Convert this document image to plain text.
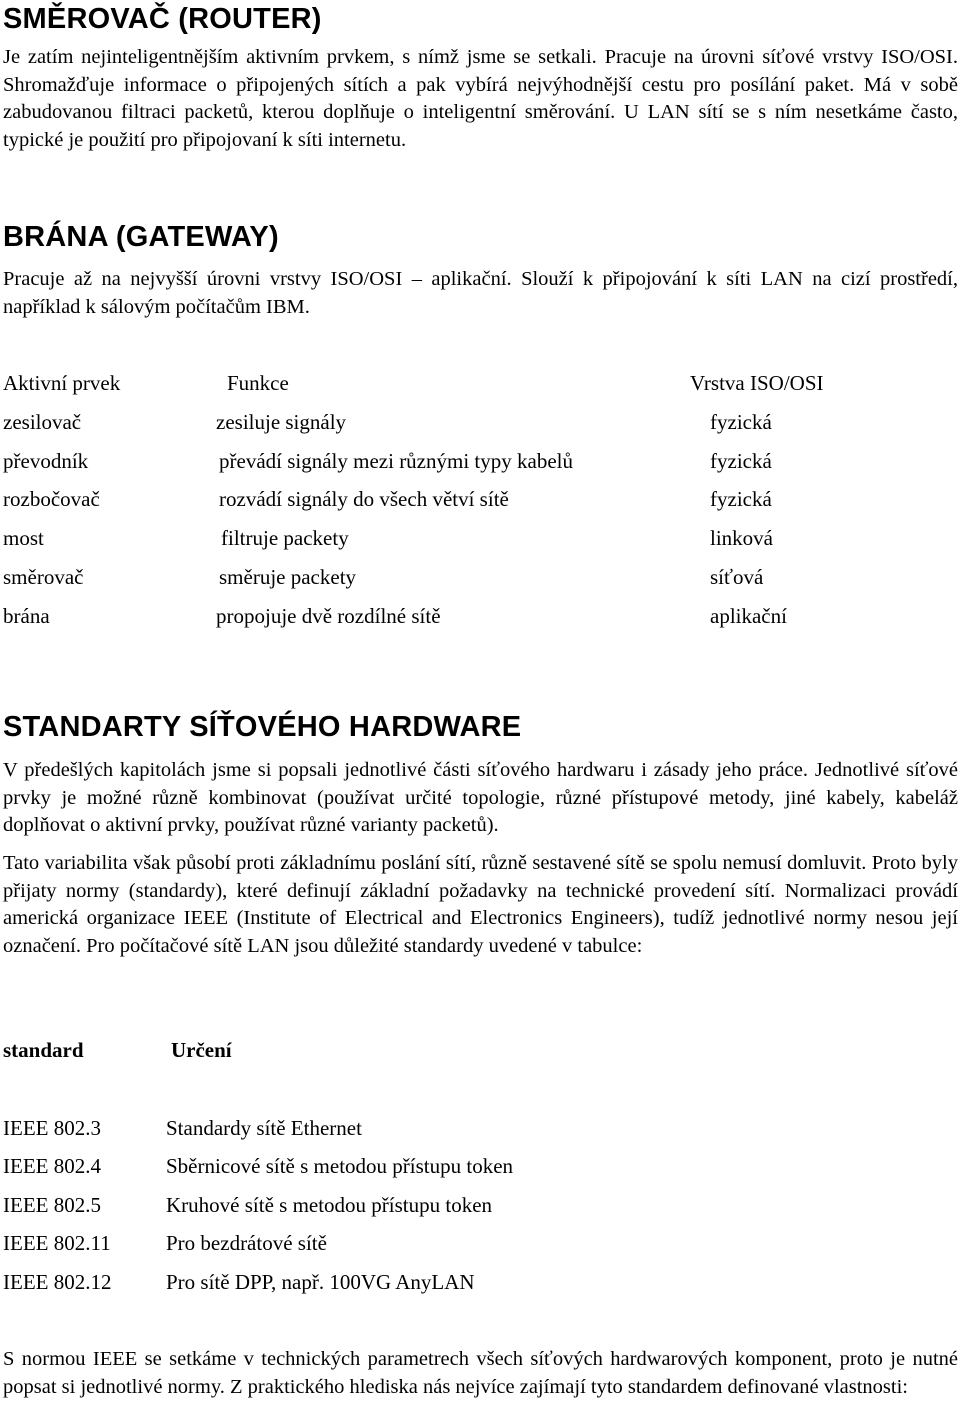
SMĚROVAČ (ROUTER)

Je zatím nejinteligentnějším aktivním prvkem, s nímž jsme se setkali. Pracuje na úrovni síťové vrstvy ISO/OSI. Shromažďuje informace o připojených sítích a pak vybírá nejvýhodnější cestu pro posílání paket. Má v sobě zabudovanou filtraci packetů, kterou doplňuje o inteligentní směrování. U LAN sítí se s ním nesetkáme často, typické je použití pro připojovaní k síti internetu.

BRÁNA (GATEWAY)

Pracuje až na nejvyšší úrovni vrstvy ISO/OSI – aplikační. Slouží k připojování k síti LAN na cizí prostředí, například k sálovým počítačům IBM.

Aktivní prvek	Funkce	Vrstva ISO/OSI
zesilovač	zesiluje signály	fyzická
převodník	převádí signály mezi různými typy kabelů	fyzická
rozbočovač	rozvádí signály do všech větví sítě	fyzická
most	filtruje packety	linková
směrovač	směruje packety	síťová
brána	propojuje dvě rozdílné sítě	aplikační
STANDARTY SÍŤOVÉHO HARDWARE

V předešlých kapitolách jsme si popsali jednotlivé části síťového hardwaru i zásady jeho práce. Jednotlivé síťové prvky je možné různě kombinovat (používat určité topologie, různé přístupové metody, jiné kabely, kabeláž doplňovat o aktivní prvky, používat různé varianty packetů).

Tato variabilita však působí proti základnímu poslání sítí, různě sestavené sítě se spolu nemusí domluvit. Proto byly přijaty normy (standardy), které definují základní požadavky na technické provedení sítí. Normalizaci provádí americká organizace IEEE (Institute of Electrical and Electronics Engineers), tudíž jednotlivé normy nesou její označení. Pro počítačové sítě LAN jsou důležité standardy uvedené v tabulce:

standard	Určení
IEEE 802.3	Standardy sítě Ethernet
IEEE 802.4	Sběrnicové sítě s metodou přístupu token
IEEE 802.5	Kruhové sítě s metodou přístupu token
IEEE 802.11	Pro bezdrátové sítě
IEEE 802.12	Pro sítě DPP, např. 100VG AnyLAN

S normou IEEE se setkáme v technických parametrech všech síťových hardwarových komponent, proto je nutné popsat si jednotlivé normy. Z praktického hlediska nás nejvíce zajímají tyto standardem definované vlastnosti:
